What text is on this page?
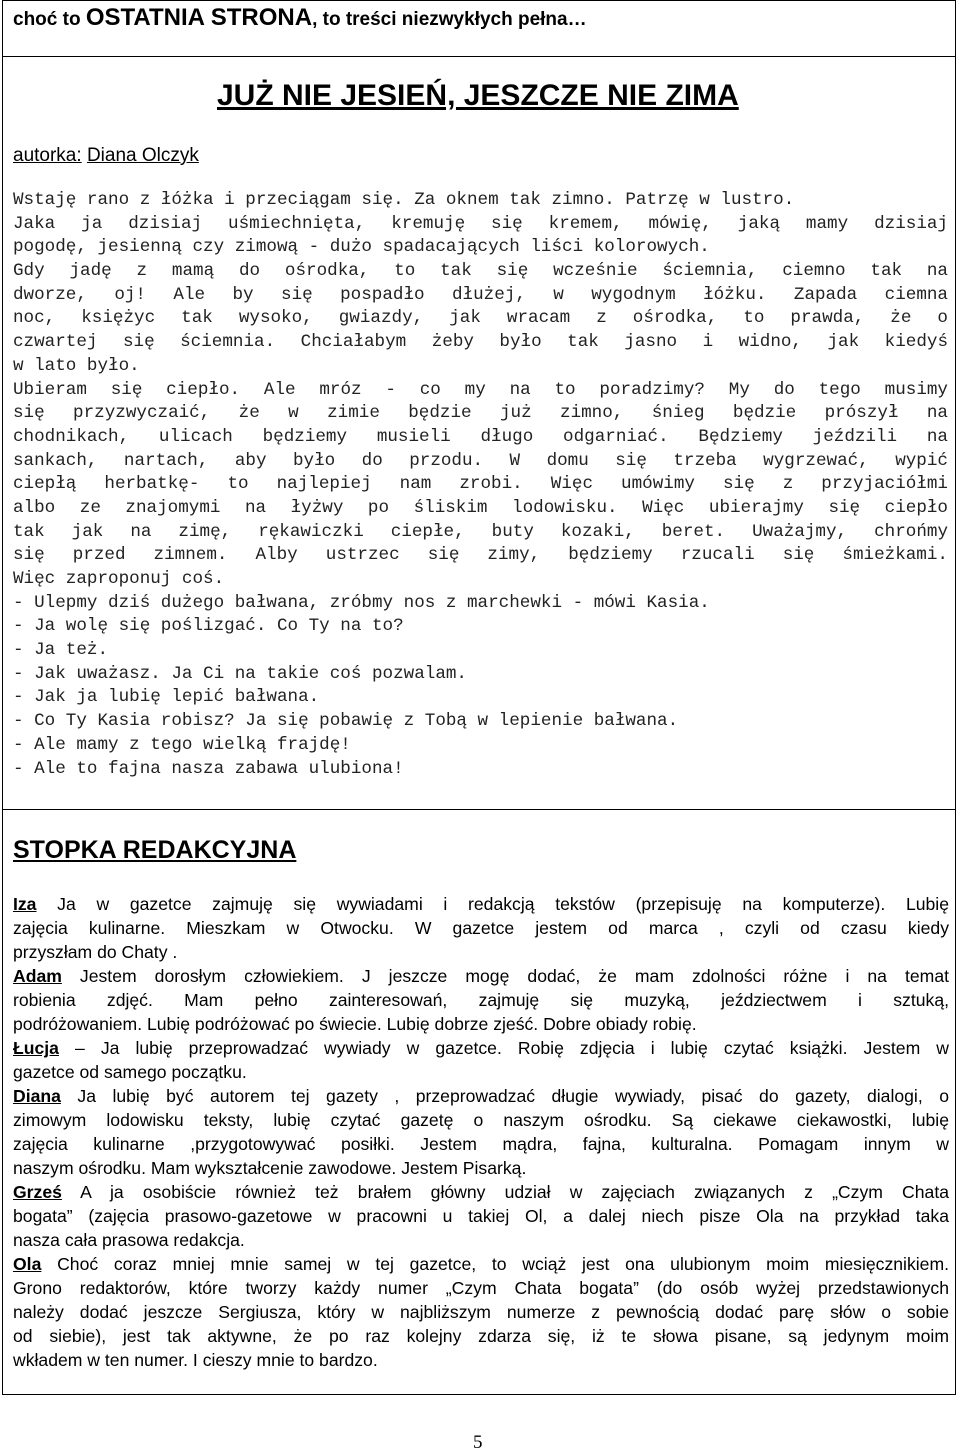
choć to OSTATNIA STRONA, to treści niezwykłych pełna…
JUŻ NIE JESIEŃ, JESZCZE NIE ZIMA
autorka: Diana Olczyk
Wstaję rano z łóżka i przeciągam się. Za oknem tak zimno. Patrzę w lustro.
Jaka ja dzisiaj uśmiechnięta, kremuję się kremem, mówię, jaką mamy dzisiaj
pogodę, jesienną czy zimową - dużo spadacających liści kolorowych.
Gdy jadę z mamą do ośrodka, to tak się wcześnie ściemnia, ciemno tak na
dworze, oj! Ale by się pospadło dłużej, w wygodnym łóżku. Zapada ciemna
noc, księżyc tak wysoko, gwiazdy, jak wracam z ośrodka, to prawda, że o
czwartej się ściemnia. Chciałabym żeby było tak jasno i widno, jak kiedyś
w lato było.
Ubieram się ciepło. Ale mróz - co my na to poradzimy? My do tego musimy
się przyzwyczaić, że w zimie będzie już zimno, śnieg będzie prószył na
chodnikach, ulicach będziemy musieli długo odgarniać. Będziemy jeździli na
sankach, nartach, aby było do przodu. W domu się trzeba wygrzewać, wypić
ciepłą herbatkę- to najlepiej nam zrobi. Więc umówimy się z przyjaciółmi
albo ze znajomymi na łyżwy po śliskim lodowisku. Więc ubierajmy się ciepło
tak jak na zimę, rękawiczki ciepłe, buty kozaki, beret. Uważajmy, chrońmy
się przed zimnem. Alby ustrzec się zimy, będziemy rzucali się śmieżkami.
Więc zaproponuj coś.
- Ulepmy dziś dużego bałwana, zróbmy nos z marchewki - mówi Kasia.
- Ja wolę się poślizgać. Co Ty na to?
- Ja też.
- Jak uważasz. Ja Ci na takie coś pozwalam.
- Jak ja lubię lepić bałwana.
- Co Ty Kasia robisz? Ja się pobawię z Tobą w lepienie bałwana.
- Ale mamy z tego wielką frajdę!
- Ale to fajna nasza zabawa ulubiona!
STOPKA REDAKCYJNA
Iza Ja w gazetce zajmuję się wywiadami i redakcją tekstów (przepisuję na komputerze). Lubię
zajęcia kulinarne. Mieszkam w Otwocku. W gazetce jestem od marca , czyli od czasu kiedy
przyszłam do Chaty .
Adam Jestem dorosłym człowiekiem. J jeszcze mogę dodać, że mam zdolności różne i na temat
robienia zdjęć. Mam pełno zainteresowań, zajmuję się muzyką, jeździectwem i sztuką,
podróżowaniem. Lubię podróżować po świecie. Lubię dobrze zjeść. Dobre obiady robię.
Łucja – Ja lubię przeprowadzać wywiady w gazetce. Robię zdjęcia i lubię czytać książki. Jestem w
gazetce od samego początku.
Diana Ja lubię być autorem tej gazety , przeprowadzać długie wywiady, pisać do gazety, dialogi, o
zimowym lodowisku teksty, lubię czytać gazetę o naszym ośrodku. Są ciekawe ciekawostki, lubię
zajęcia kulinarne ,przygotowywać posiłki. Jestem mądra, fajna, kulturalna. Pomagam innym w
naszym ośrodku. Mam wykształcenie zawodowe. Jestem Pisarką.
Grześ A ja osobiście również też brałem główny udział w zajęciach związanych z „Czym Chata
bogata” (zajęcia prasowo-gazetowe w pracowni u takiej Ol, a dalej niech pisze Ola na przykład taka
nasza cała prasowa redakcja.
Ola Choć coraz mniej mnie samej w tej gazetce, to wciąż jest ona ulubionym moim miesięcznikiem.
Grono redaktorów, które tworzy każdy numer „Czym Chata bogata” (do osób wyżej przedstawionych
należy dodać jeszcze Sergiusza, który w najbliższym numerze z pewnością dodać parę słów o sobie
od siebie), jest tak aktywne, że po raz kolejny zdarza się, iż te słowa pisane, są jedynym moim
wkładem w ten numer. I cieszy mnie to bardzo.
5
